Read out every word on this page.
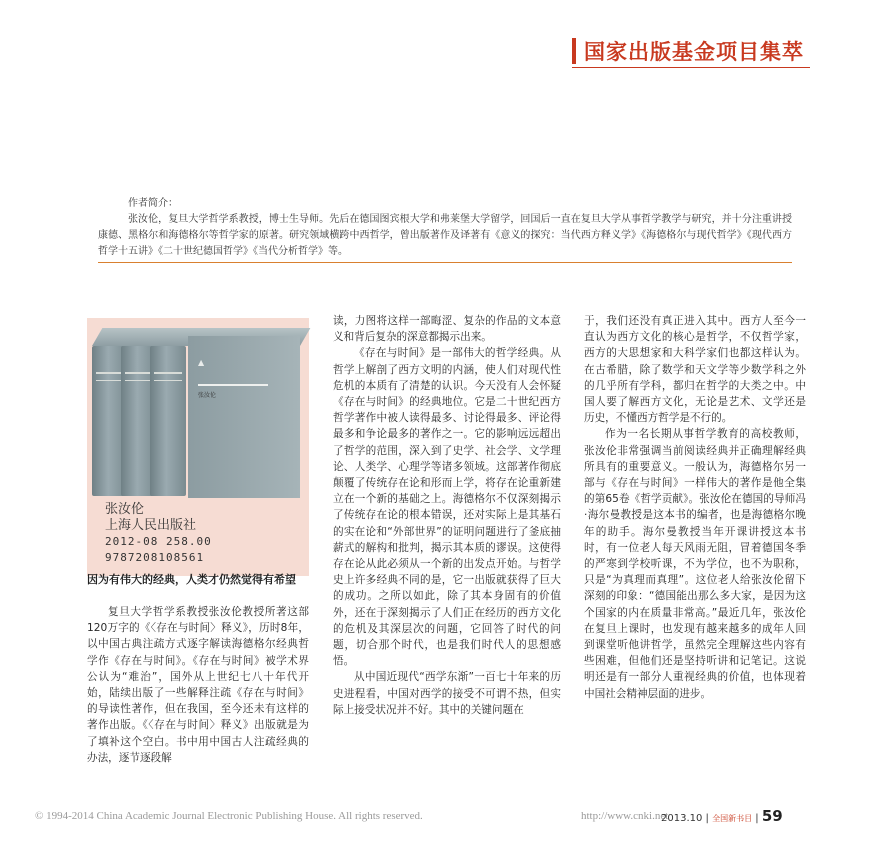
国家出版基金项目集萃
作者简介：

张汝伦，复旦大学哲学系教授，博士生导师。先后在德国图宾根大学和弗莱堡大学留学，回国后一直在复旦大学从事哲学教学与研究，并十分注重讲授康德、黑格尔和海德格尔等哲学家的原著。研究领域横跨中西哲学，曾出版著作及译著有《意义的探究：当代西方释义学》《海德格尔与现代哲学》《现代西方哲学十五讲》《二十世纪德国哲学》《当代分析哲学》等。

▲
张汝伦
张汝伦
上海人民出版社
2012-08 258.00
9787208108561
因为有伟大的经典，人类才仍然觉得有希望

复旦大学哲学系教授张汝伦教授所著这部120万字的《〈存在与时间〉释义》，历时8年，以中国古典注疏方式逐字解读海德格尔经典哲学作《存在与时间》。《存在与时间》被学术界公认为“难治”，国外从上世纪七八十年代开始，陆续出版了一些解释注疏《存在与时间》的导读性著作，但在我国，至今还未有这样的著作出版。《〈存在与时间〉释义》出版就是为了填补这个空白。书中用中国古人注疏经典的办法，逐节逐段解

读，力图将这样一部晦涩、复杂的作品的文本意义和背后复杂的深意都揭示出来。

《存在与时间》是一部伟大的哲学经典。从哲学上解剖了西方文明的内涵，使人们对现代性危机的本质有了清楚的认识。今天没有人会怀疑《存在与时间》的经典地位。它是二十世纪西方哲学著作中被人读得最多、讨论得最多、评论得最多和争论最多的著作之一。它的影响远远超出了哲学的范围，深入到了史学、社会学、文学理论、人类学、心理学等诸多领域。这部著作彻底颠覆了传统存在论和形而上学，将存在论重新建立在一个新的基础之上。海德格尔不仅深刻揭示了传统存在论的根本错误，还对实际上是其基石的实在论和“外部世界”的证明问题进行了釜底抽薪式的解构和批判，揭示其本质的谬误。这使得存在论从此必须从一个新的出发点开始。与哲学史上许多经典不同的是，它一出版就获得了巨大的成功。之所以如此，除了其本身固有的价值外，还在于深刻揭示了人们正在经历的西方文化的危机及其深层次的问题，它回答了时代的问题，切合那个时代，也是我们时代人的思想感悟。

从中国近现代“西学东渐”一百七十年来的历史进程看，中国对西学的接受不可谓不热，但实际上接受状况并不好。其中的关键问题在

于，我们还没有真正进入其中。西方人至今一直认为西方文化的核心是哲学，不仅哲学家，西方的大思想家和大科学家们也都这样认为。在古希腊，除了数学和天文学等少数学科之外的几乎所有学科，都归在哲学的大类之中。中国人要了解西方文化，无论是艺术、文学还是历史，不懂西方哲学是不行的。

作为一名长期从事哲学教育的高校教师，张汝伦非常强调当前阅读经典并正确理解经典所具有的重要意义。一般认为，海德格尔另一部与《存在与时间》一样伟大的著作是他全集的第65卷《哲学贡献》。张汝伦在德国的导师冯·海尔曼教授是这本书的编者，也是海德格尔晚年的助手。海尔曼教授当年开课讲授这本书时，有一位老人每天风雨无阻，冒着德国冬季的严寒到学校听课，不为学位，也不为职称，只是“为真理而真理”。这位老人给张汝伦留下深刻的印象：“德国能出那么多大家，是因为这个国家的内在质量非常高。”最近几年，张汝伦在复旦上课时，也发现有越来越多的成年人回到课堂听他讲哲学，虽然完全理解这些内容有些困难，但他们还是坚持听讲和记笔记。这说明还是有一部分人重视经典的价值，也体现着中国社会精神层面的进步。

© 1994-2014 China Academic Journal Electronic Publishing House. All rights reserved.	http://www.cnki.net
2013.10 | 全国新书目 | 59
